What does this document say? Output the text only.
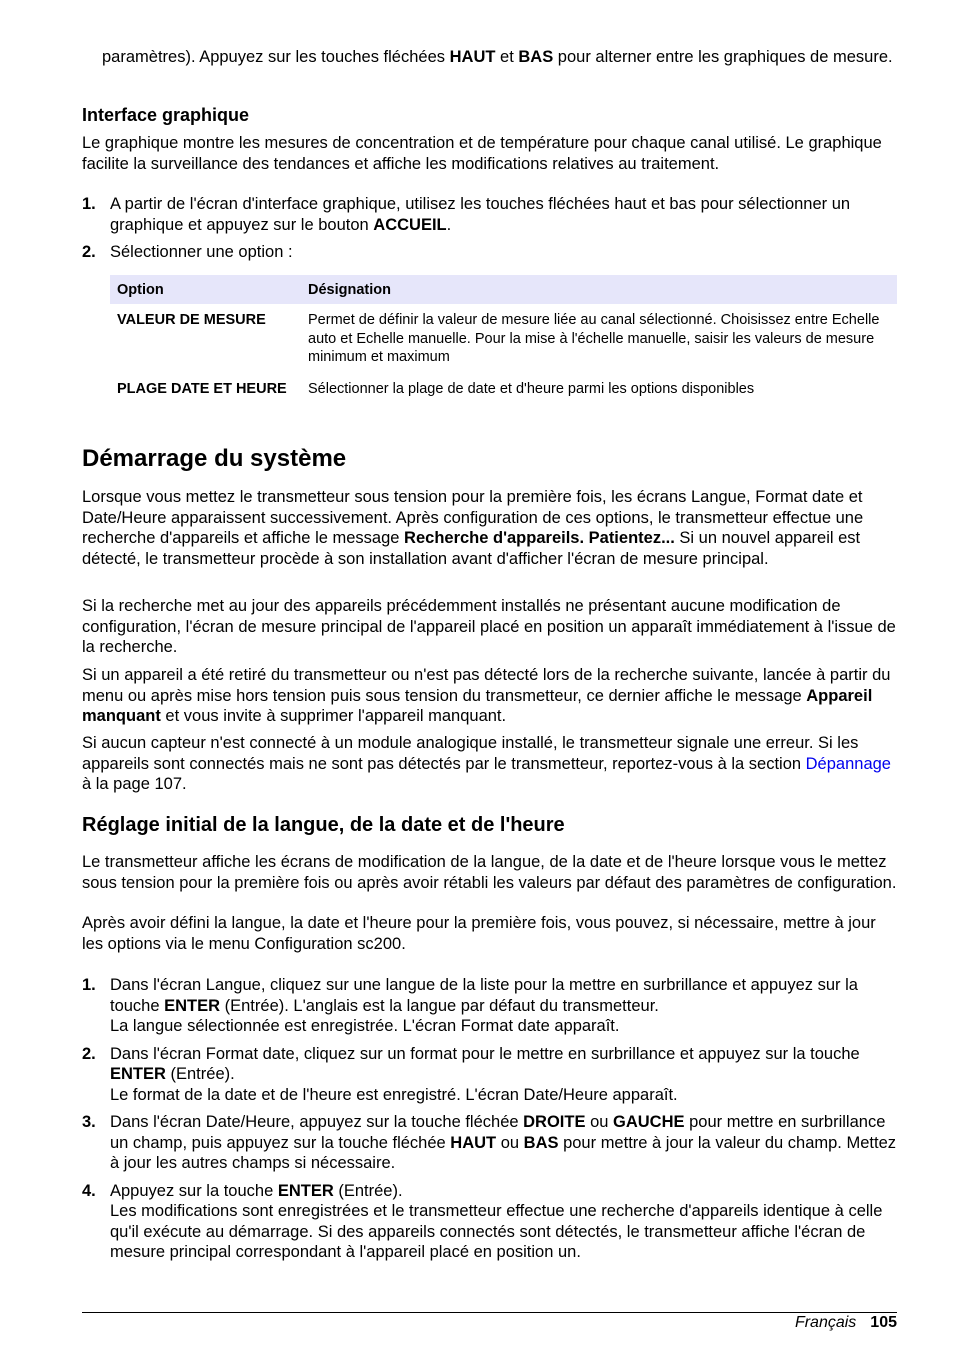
paramètres). Appuyez sur les touches fléchées HAUT et BAS pour alterner entre les graphiques de mesure.

Interface graphique

Le graphique montre les mesures de concentration et de température pour chaque canal utilisé. Le graphique facilite la surveillance des tendances et affiche les modifications relatives au traitement.

1. A partir de l'écran d'interface graphique, utilisez les touches fléchées haut et bas pour sélectionner un graphique et appuyez sur le bouton ACCUEIL.
2. Sélectionner une option :
Option	Désignation
VALEUR DE MESURE	Permet de définir la valeur de mesure liée au canal sélectionné. Choisissez entre Echelle auto et Echelle manuelle. Pour la mise à l'échelle manuelle, saisir les valeurs de mesure minimum et maximum
PLAGE DATE ET HEURE	Sélectionner la plage de date et d'heure parmi les options disponibles
Démarrage du système

Lorsque vous mettez le transmetteur sous tension pour la première fois, les écrans Langue, Format date et Date/Heure apparaissent successivement. Après configuration de ces options, le transmetteur effectue une recherche d'appareils et affiche le message Recherche d'appareils. Patientez... Si un nouvel appareil est détecté, le transmetteur procède à son installation avant d'afficher l'écran de mesure principal.

Si la recherche met au jour des appareils précédemment installés ne présentant aucune modification de configuration, l'écran de mesure principal de l'appareil placé en position un apparaît immédiatement à l'issue de la recherche.

Si un appareil a été retiré du transmetteur ou n'est pas détecté lors de la recherche suivante, lancée à partir du menu ou après mise hors tension puis sous tension du transmetteur, ce dernier affiche le message Appareil manquant et vous invite à supprimer l'appareil manquant.

Si aucun capteur n'est connecté à un module analogique installé, le transmetteur signale une erreur. Si les appareils sont connectés mais ne sont pas détectés par le transmetteur, reportez-vous à la section Dépannage à la page 107.

Réglage initial de la langue, de la date et de l'heure

Le transmetteur affiche les écrans de modification de la langue, de la date et de l'heure lorsque vous le mettez sous tension pour la première fois ou après avoir rétabli les valeurs par défaut des paramètres de configuration.

Après avoir défini la langue, la date et l'heure pour la première fois, vous pouvez, si nécessaire, mettre à jour les options via le menu Configuration sc200.

1. Dans l'écran Langue, cliquez sur une langue de la liste pour la mettre en surbrillance et appuyez sur la touche ENTER (Entrée). L'anglais est la langue par défaut du transmetteur.
La langue sélectionnée est enregistrée. L'écran Format date apparaît.
2. Dans l'écran Format date, cliquez sur un format pour le mettre en surbrillance et appuyez sur la touche ENTER (Entrée).
Le format de la date et de l'heure est enregistré. L'écran Date/Heure apparaît.
3. Dans l'écran Date/Heure, appuyez sur la touche fléchée DROITE ou GAUCHE pour mettre en surbrillance un champ, puis appuyez sur la touche fléchée HAUT ou BAS pour mettre à jour la valeur du champ. Mettez à jour les autres champs si nécessaire.
4. Appuyez sur la touche ENTER (Entrée).
Les modifications sont enregistrées et le transmetteur effectue une recherche d'appareils identique à celle qu'il exécute au démarrage. Si des appareils connectés sont détectés, le transmetteur affiche l'écran de mesure principal correspondant à l'appareil placé en position un.
Français 105
